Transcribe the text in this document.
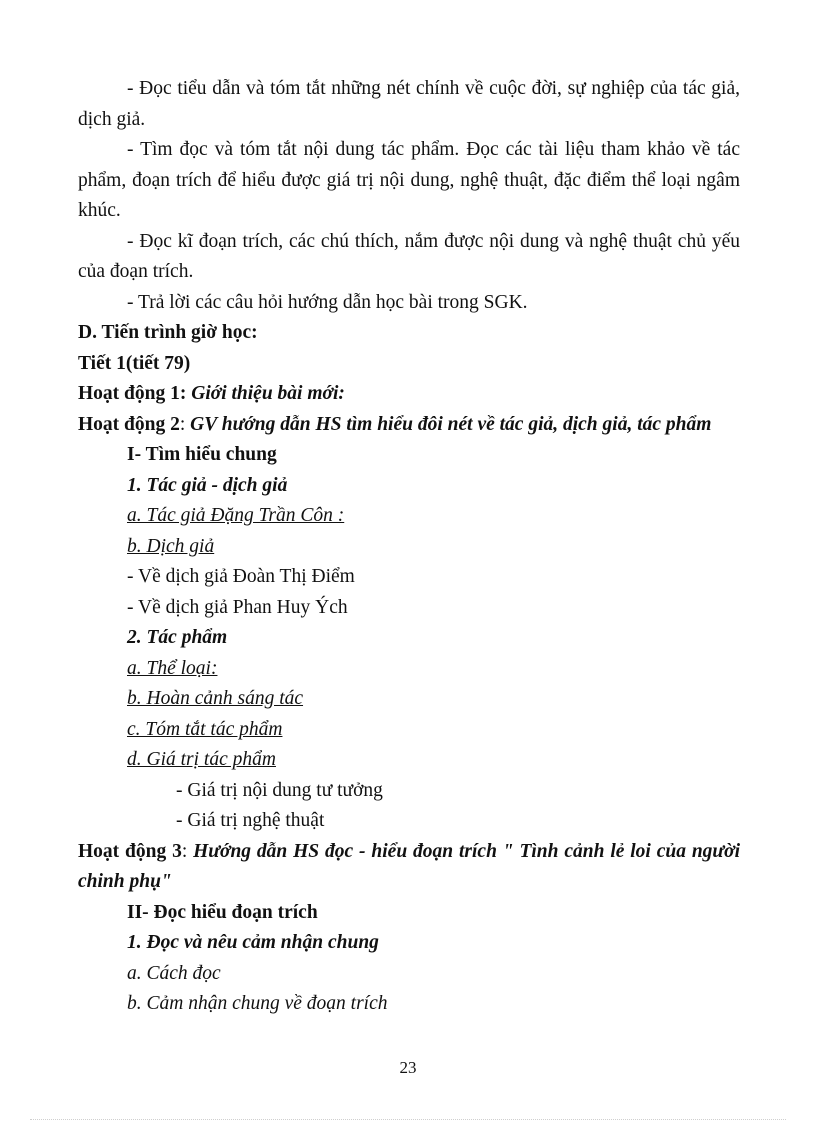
- Đọc tiểu dẫn và tóm tắt những nét chính về cuộc đời, sự nghiệp của tác giả, dịch giả.

- Tìm đọc và tóm tắt nội dung tác phẩm. Đọc các tài liệu tham khảo về tác phẩm, đoạn trích để hiểu được giá trị nội dung, nghệ thuật, đặc điểm thể loại ngâm khúc.

- Đọc kĩ đoạn trích, các chú thích, nắm được nội dung và nghệ thuật chủ yếu của đoạn trích.

- Trả lời các câu hỏi hướng dẫn học bài trong SGK.

D. Tiến trình giờ học:

Tiết 1(tiết 79)

Hoạt động 1: Giới thiệu bài mới:

Hoạt động 2: GV hướng dẫn HS tìm hiểu đôi nét về tác giả, dịch giả, tác phẩm

I- Tìm hiểu chung

1. Tác giả - dịch giả

a. Tác giả Đặng Trần Côn :

b. Dịch giả

- Về dịch giả Đoàn Thị Điểm

- Về dịch giả Phan Huy Ých

2. Tác phẩm

a. Thể loại:

b. Hoàn cảnh sáng tác

c. Tóm tắt tác phẩm

d. Giá trị tác phẩm

- Giá trị nội dung tư tưởng

- Giá trị nghệ thuật

Hoạt động 3: Hướng dẫn HS đọc - hiểu đoạn trích " Tình cảnh lẻ loi của người chinh phụ"

II- Đọc hiểu đoạn trích

1. Đọc và nêu cảm nhận chung

a. Cách đọc

b. Cảm nhận chung về đoạn trích

23
